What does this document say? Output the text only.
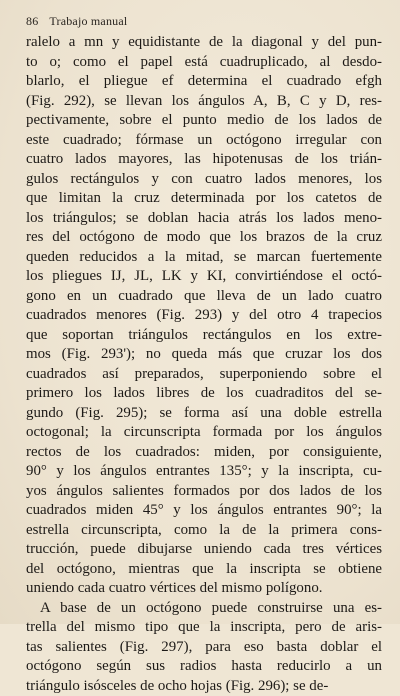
86 Trabajo manual
ralelo a mn y equidistante de la diagonal y del pun-
to o; como el papel está cuadruplicado, al desdo-
blarlo, el pliegue ef determina el cuadrado efgh
(Fig. 292), se llevan los ángulos A, B, C y D, res-
pectivamente, sobre el punto medio de los lados de
este cuadrado; fórmase un octógono irregular con
cuatro lados mayores, las hipotenusas de los trián-
gulos rectángulos y con cuatro lados menores, los
que limitan la cruz determinada por los catetos de
los triángulos; se doblan hacia atrás los lados meno-
res del octógono de modo que los brazos de la cruz
queden reducidos a la mitad, se marcan fuertemente
los pliegues IJ, JL, LK y KI, convirtiéndose el octó-
gono en un cuadrado que lleva de un lado cuatro
cuadrados menores (Fig. 293) y del otro 4 trapecios
que soportan triángulos rectángulos en los extre-
mos (Fig. 293'); no queda más que cruzar los dos
cuadrados así preparados, superponiendo sobre el
primero los lados libres de los cuadraditos del se-
gundo (Fig. 295); se forma así una doble estrella
octogonal; la circunscripta formada por los ángulos
rectos de los cuadrados: miden, por consiguiente,
90° y los ángulos entrantes 135°; y la inscripta, cu-
yos ángulos salientes formados por dos lados de los
cuadrados miden 45° y los ángulos entrantes 90°; la
estrella circunscripta, como la de la primera cons-
trucción, puede dibujarse uniendo cada tres vértices
del octógono, mientras que la inscripta se obtiene
uniendo cada cuatro vértices del mismo polígono.
A base de un octógono puede construirse una es-
trella del mismo tipo que la inscripta, pero de aris-
tas salientes (Fig. 297), para eso basta doblar el
octógono según sus radios hasta reducirlo a un
triángulo isósceles de ocho hojas (Fig. 296); se de-
